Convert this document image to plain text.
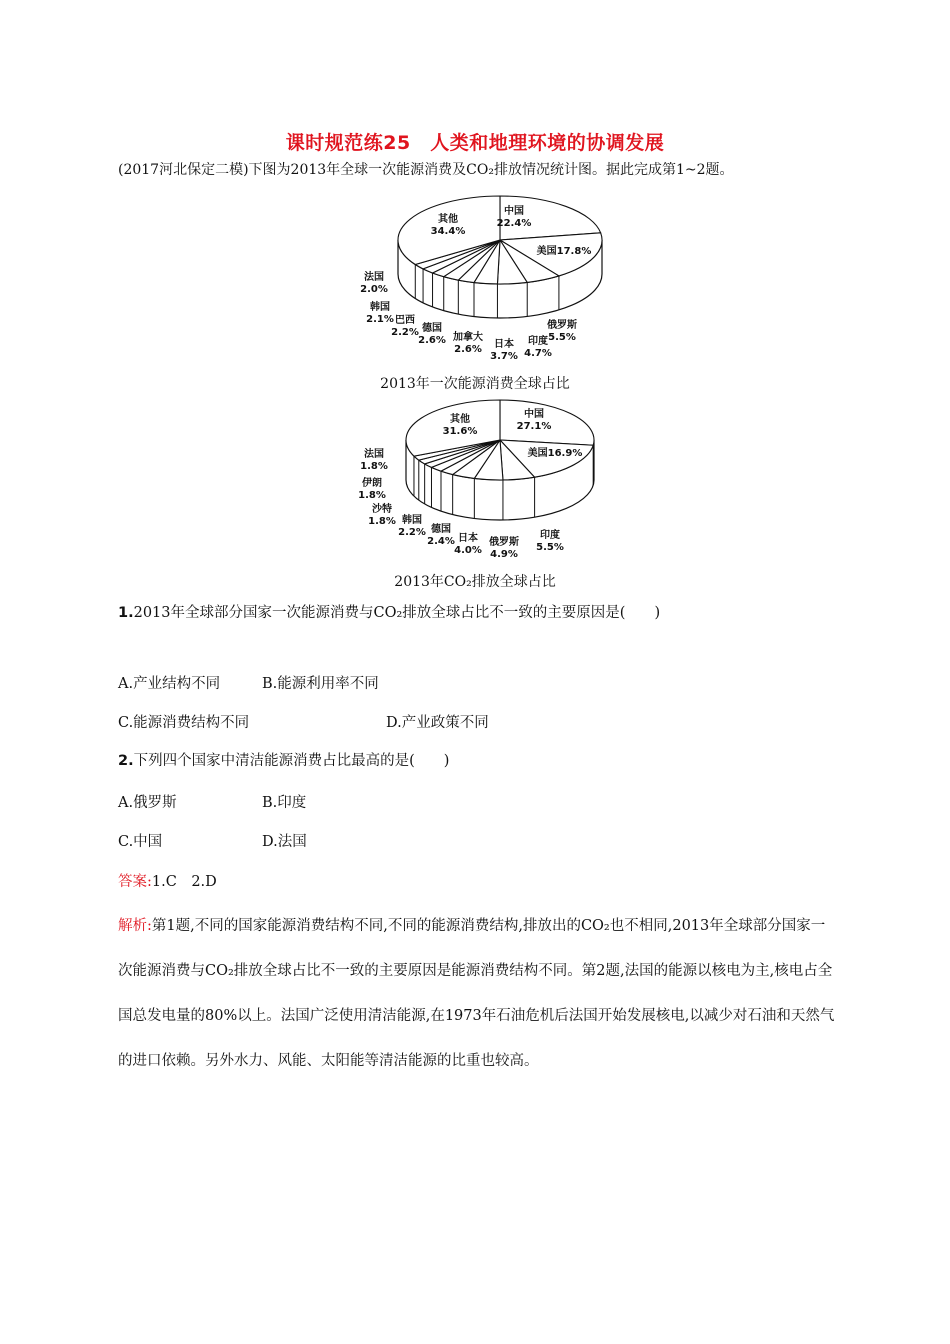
课时规范练25　人类和地理环境的协调发展
(2017河北保定二模)下图为2013年全球一次能源消费及CO₂排放情况统计图。据此完成第1~2题。
中国
22.4%
美国17.8%
俄罗斯
5.5%
印度
4.7%
日本
3.7%
加拿大
2.6%
德国
2.6%
巴西
2.2%
韩国
2.1%
法国
2.0%
其他
34.4%
2013年一次能源消费全球占比
中国
27.1%
美国16.9%
印度
5.5%
俄罗斯
4.9%
日本
4.0%
德国
2.4%
韩国
2.2%
沙特
1.8%
伊朗
1.8%
法国
1.8%
其他
31.6%
2013年CO₂排放全球占比
1.2013年全球部分国家一次能源消费与CO₂排放全球占比不一致的主要原因是(　　)
A.产业结构不同	B.能源利用率不同
C.能源消费结构不同	D.产业政策不同
2.下列四个国家中清洁能源消费占比最高的是(　　)
A.俄罗斯	B.印度
C.中国	D.法国
答案:1.C　2.D
解析:第1题,不同的国家能源消费结构不同,不同的能源消费结构,排放出的CO₂也不相同,2013年全球部分国家一次能源消费与CO₂排放全球占比不一致的主要原因是能源消费结构不同。第2题,法国的能源以核电为主,核电占全国总发电量的80%以上。法国广泛使用清洁能源,在1973年石油危机后法国开始发展核电,以减少对石油和天然气的进口依赖。另外水力、风能、太阳能等清洁能源的比重也较高。
